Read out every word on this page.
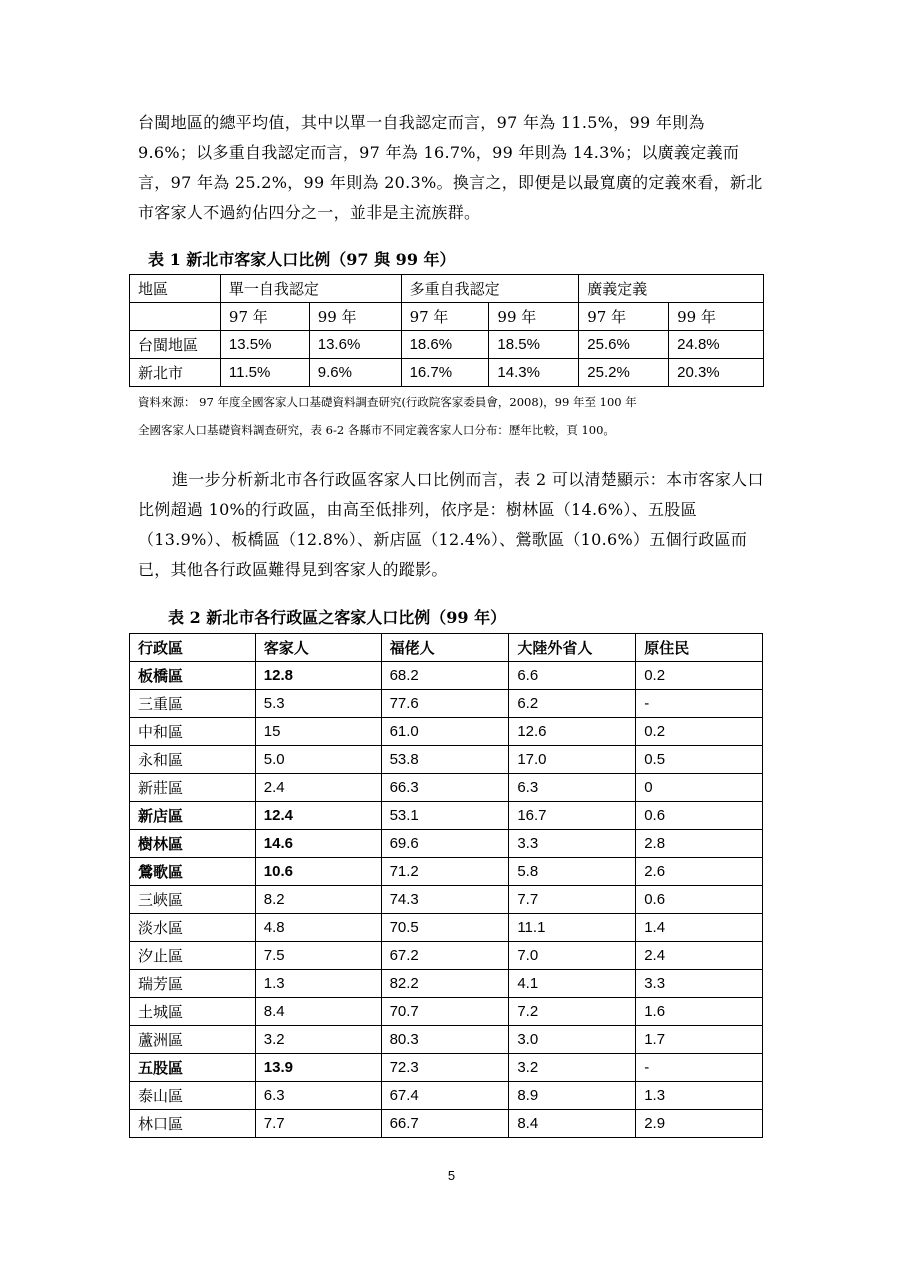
台閩地區的總平均值，其中以單一自我認定而言，97 年為 11.5%，99 年則為 9.6%；以多重自我認定而言，97 年為 16.7%，99 年則為 14.3%；以廣義定義而言，97 年為 25.2%，99 年則為 20.3%。換言之，即便是以最寬廣的定義來看，新北市客家人不過約佔四分之一，並非是主流族群。

表 1 新北市客家人口比例（97 與 99 年）

地區	單一自我認定		多重自我認定		廣義定義	
	97 年	99 年	97 年	99 年	97 年	99 年
台閩地區	13.5%	13.6%	18.6%	18.5%	25.6%	24.8%
新北市	11.5%	9.6%	16.7%	14.3%	25.2%	20.3%
資料來源： 97 年度全國客家人口基礎資料調查研究(行政院客家委員會，2008)，99 年至 100 年
全國客家人口基礎資料調查研究，表 6-2 各縣市不同定義客家人口分布：歷年比較，頁 100。

進一步分析新北市各行政區客家人口比例而言，表 2 可以清楚顯示：本市客家人口比例超過 10%的行政區，由高至低排列，依序是：樹林區（14.6%）、五股區（13.9%）、板橋區（12.8%）、新店區（12.4%）、鶯歌區（10.6%）五個行政區而已，其他各行政區難得見到客家人的蹤影。

表 2 新北市各行政區之客家人口比例（99 年）

行政區	客家人	福佬人	大陸外省人	原住民
板橋區	12.8	68.2	6.6	0.2
三重區	5.3	77.6	6.2	-
中和區	15	61.0	12.6	0.2
永和區	5.0	53.8	17.0	0.5
新莊區	2.4	66.3	6.3	0
新店區	12.4	53.1	16.7	0.6
樹林區	14.6	69.6	3.3	2.8
鶯歌區	10.6	71.2	5.8	2.6
三峽區	8.2	74.3	7.7	0.6
淡水區	4.8	70.5	11.1	1.4
汐止區	7.5	67.2	7.0	2.4
瑞芳區	1.3	82.2	4.1	3.3
土城區	8.4	70.7	7.2	1.6
蘆洲區	3.2	80.3	3.0	1.7
五股區	13.9	72.3	3.2	-
泰山區	6.3	67.4	8.9	1.3
林口區	7.7	66.7	8.4	2.9
5
